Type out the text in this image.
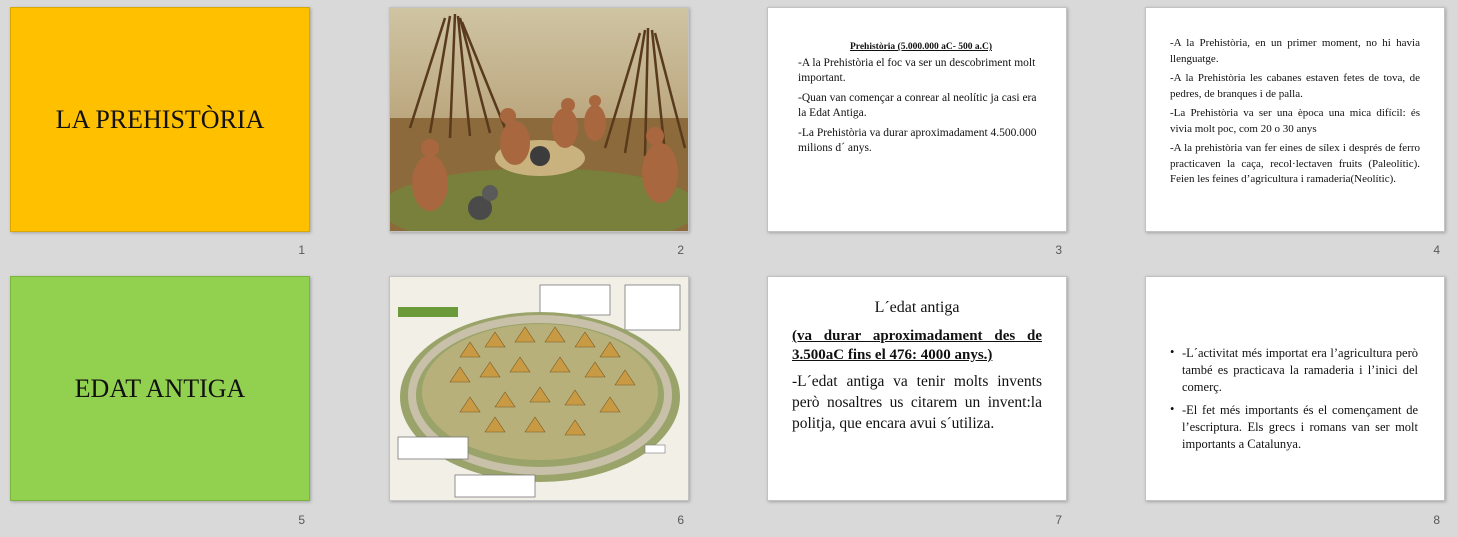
LA PREHISTÒRIA
1	2
Prehistòria (5.000.000 aC- 500 a.C)

-A la Prehistòria el foc va ser un descobriment molt important.

-Quan van començar a conrear al neolític ja casi era la Edat Antiga.

-La Prehistòria va durar aproximadament 4.500.000 milions d´ anys.

3

-A la Prehistòria, en un primer moment, no hi havia llenguatge.

-A la Prehistòria les cabanes estaven fetes de tova, de pedres, de branques i de palla.

-La Prehistòria va ser una època una mica difícil: és vivia molt poc, com 20 o 30 anys

-A la prehistòria van fer eines de sílex i després de ferro practicaven la caça, recol·lectaven fruits (Paleolític). Feien les feines d’agricultura i ramaderia(Neolític).

4
EDAT ANTIGA
5	6
L´edat antiga
(va durar aproximadament des de 3.500aC fins el 476: 4000 anys.)
-L´edat antiga va tenir molts invents però nosaltres us citarem un invent:la politja, que encara avui s´utiliza.
7
• -L´activitat més importat era l’agricultura però també es practicava la ramaderia i l’inici del comerç.
• -El fet més importants és el començament de l’escriptura. Els grecs i romans van ser molt importants a Catalunya.
8
